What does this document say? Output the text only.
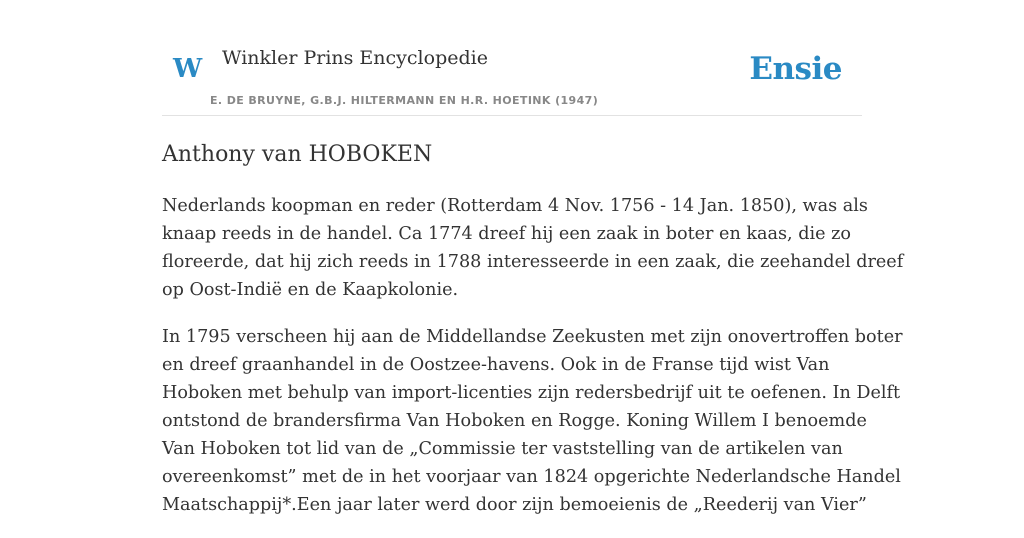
W Winkler Prins Encyclopedie
E. DE BRUYNE, G.B.J. HILTERMANN EN H.R. HOETINK (1947)
Ensie
Anthony van HOBOKEN

Nederlands koopman en reder (Rotterdam 4 Nov. 1756 - 14 Jan. 1850), was als
knaap reeds in de handel. Ca 1774 dreef hij een zaak in boter en kaas, die zo
floreerde, dat hij zich reeds in 1788 interesseerde in een zaak, die zeehandel dreef
op Oost-Indië en de Kaapkolonie.

In 1795 verscheen hij aan de Middellandse Zeekusten met zijn onovertroffen boter
en dreef graanhandel in de Oostzee-havens. Ook in de Franse tijd wist Van
Hoboken met behulp van import-licenties zijn redersbedrijf uit te oefenen. In Delft
ontstond de brandersfirma Van Hoboken en Rogge. Koning Willem I benoemde
Van Hoboken tot lid van de „Commissie ter vaststelling van de artikelen van
overeenkomst” met de in het voorjaar van 1824 opgerichte Nederlandsche Handel
Maatschappij*.Een jaar later werd door zijn bemoeienis de „Reederij van Vier”
